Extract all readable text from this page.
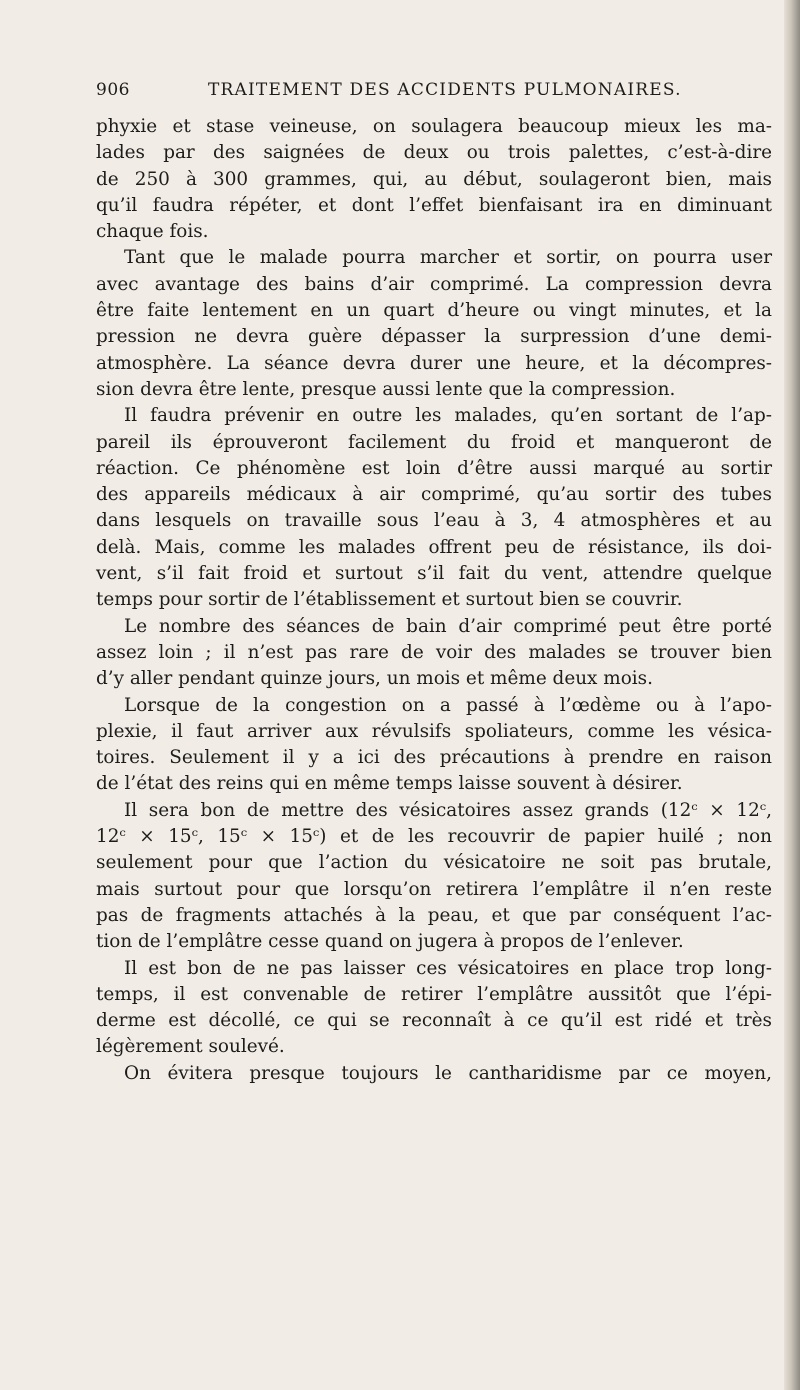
906	TRAITEMENT DES ACCIDENTS PULMONAIRES.
phyxie et stase veineuse, on soulagera beaucoup mieux les ma-
lades par des saignées de deux ou trois palettes, c’est-à-dire
de 250 à 300 grammes, qui, au début, soulageront bien, mais
qu’il faudra répéter, et dont l’effet bienfaisant ira en diminuant
chaque fois.
Tant que le malade pourra marcher et sortir, on pourra user
avec avantage des bains d’air comprimé. La compression devra
être faite lentement en un quart d’heure ou vingt minutes, et la
pression ne devra guère dépasser la surpression d’une demi-
atmosphère. La séance devra durer une heure, et la décompres-
sion devra être lente, presque aussi lente que la compression.
Il faudra prévenir en outre les malades, qu’en sortant de l’ap-
pareil ils éprouveront facilement du froid et manqueront de
réaction. Ce phénomène est loin d’être aussi marqué au sortir
des appareils médicaux à air comprimé, qu’au sortir des tubes
dans lesquels on travaille sous l’eau à 3, 4 atmosphères et au
delà. Mais, comme les malades offrent peu de résistance, ils doi-
vent, s’il fait froid et surtout s’il fait du vent, attendre quelque
temps pour sortir de l’établissement et surtout bien se couvrir.
Le nombre des séances de bain d’air comprimé peut être porté
assez loin ; il n’est pas rare de voir des malades se trouver bien
d’y aller pendant quinze jours, un mois et même deux mois.
Lorsque de la congestion on a passé à l’œdème ou à l’apo-
plexie, il faut arriver aux révulsifs spoliateurs, comme les vésica-
toires. Seulement il y a ici des précautions à prendre en raison
de l’état des reins qui en même temps laisse souvent à désirer.
Il sera bon de mettre des vésicatoires assez grands (12ᶜ × 12ᶜ,
12ᶜ × 15ᶜ, 15ᶜ × 15ᶜ) et de les recouvrir de papier huilé ; non
seulement pour que l’action du vésicatoire ne soit pas brutale,
mais surtout pour que lorsqu’on retirera l’emplâtre il n’en reste
pas de fragments attachés à la peau, et que par conséquent l’ac-
tion de l’emplâtre cesse quand on jugera à propos de l’enlever.
Il est bon de ne pas laisser ces vésicatoires en place trop long-
temps, il est convenable de retirer l’emplâtre aussitôt que l’épi-
derme est décollé, ce qui se reconnaît à ce qu’il est ridé et très
légèrement soulevé.
On évitera presque toujours le cantharidisme par ce moyen,
